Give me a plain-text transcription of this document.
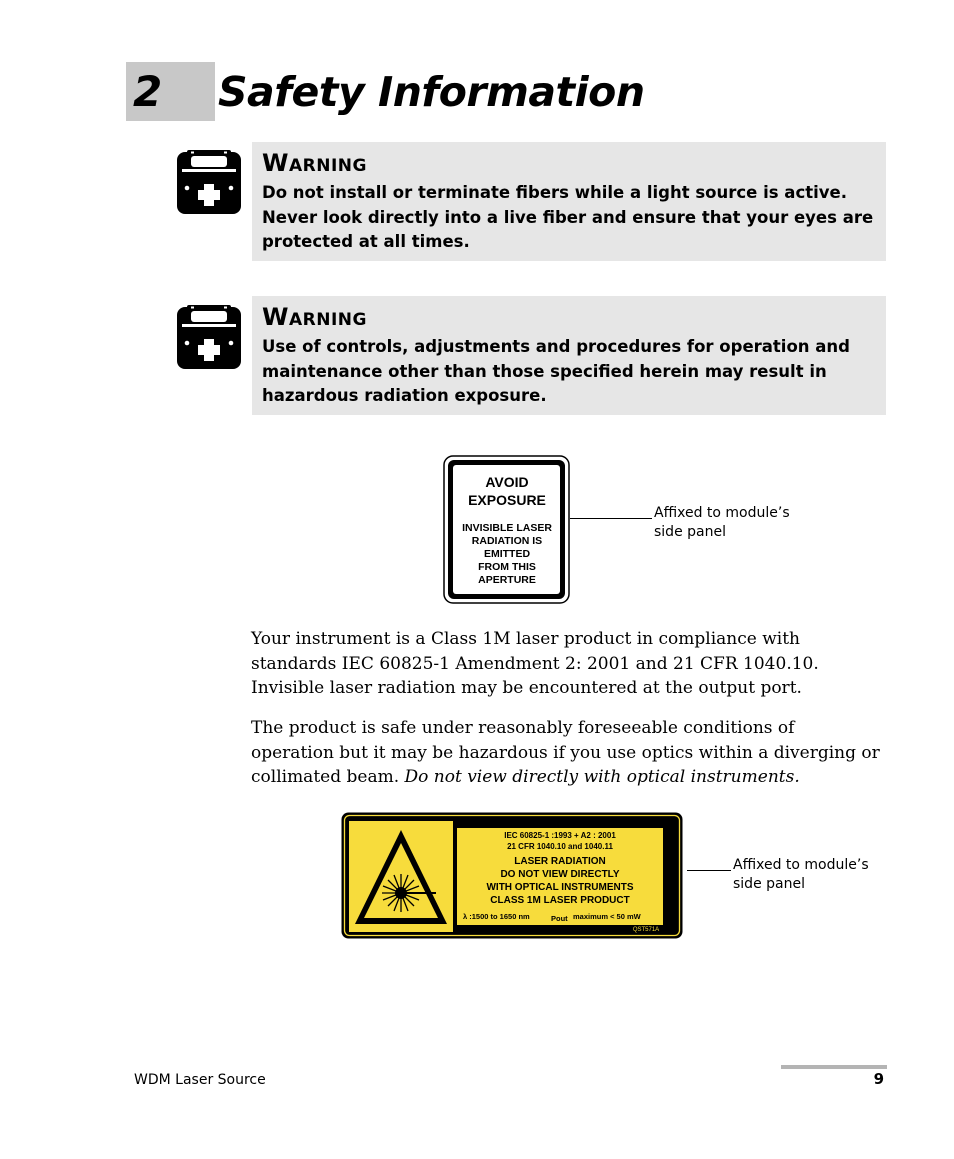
2 Safety Information
Warning
Do not install or terminate fibers while a light source is active. Never look directly into a live fiber and ensure that your eyes are protected at all times.
Warning
Use of controls, adjustments and procedures for operation and maintenance other than those specified herein may result in hazardous radiation exposure.
AVOID
EXPOSURE
INVISIBLE LASER
RADIATION IS
EMITTED
FROM THIS
APERTURE
Affixed to module’s side panel

Your instrument is a Class 1M laser product in compliance with standards IEC 60825-1 Amendment 2: 2001 and 21 CFR 1040.10. Invisible laser radiation may be encountered at the output port.

The product is safe under reasonably foreseeable conditions of operation but it may be hazardous if you use optics within a diverging or collimated beam. Do not view directly with optical instruments.

IEC 60825-1 :1993 + A2 : 2001
21 CFR 1040.10 and 1040.11
LASER RADIATION
DO NOT VIEW DIRECTLY
WITH OPTICAL INSTRUMENTS
CLASS 1M LASER PRODUCT
λ :1500 to 1650 nm	Pout maximum < 50 mW
QST571A
Affixed to module’s side panel
WDM Laser Source	9
